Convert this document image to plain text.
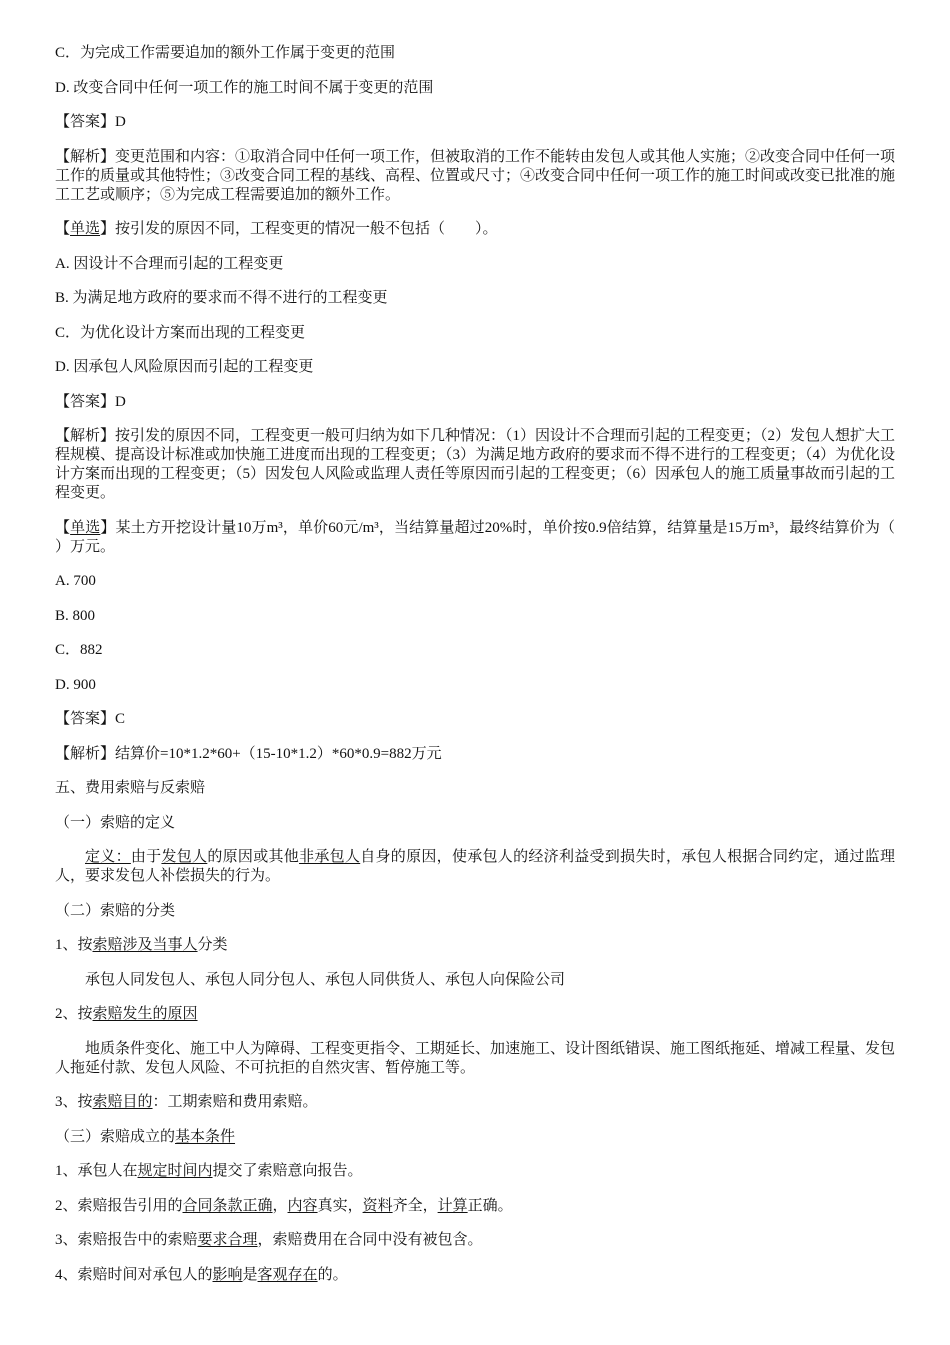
C．为完成工作需要追加的额外工作属于变更的范围

D. 改变合同中任何一项工作的施工时间不属于变更的范围

【答案】D

【解析】变更范围和内容：①取消合同中任何一项工作，但被取消的工作不能转由发包人或其他人实施；②改变合同中任何一项工作的质量或其他特性；③改变合同工程的基线、高程、位置或尺寸；④改变合同中任何一项工作的施工时间或改变已批准的施工工艺或顺序；⑤为完成工程需要追加的额外工作。

【单选】按引发的原因不同，工程变更的情况一般不包括（　　）。

A. 因设计不合理而引起的工程变更

B. 为满足地方政府的要求而不得不进行的工程变更

C．为优化设计方案而出现的工程变更

D. 因承包人风险原因而引起的工程变更

【答案】D

【解析】按引发的原因不同，工程变更一般可归纳为如下几种情况：（1）因设计不合理而引起的工程变更；（2）发包人想扩大工程规模、提高设计标准或加快施工进度而出现的工程变更；（3）为满足地方政府的要求而不得不进行的工程变更；（4）为优化设计方案而出现的工程变更；（5）因发包人风险或监理人责任等原因而引起的工程变更；（6）因承包人的施工质量事故而引起的工程变更。

【单选】某土方开挖设计量10万m³，单价60元/m³，当结算量超过20%时，单价按0.9倍结算，结算量是15万m³，最终结算价为（　　）万元。

A. 700

B. 800

C．882

D. 900

【答案】C

【解析】结算价=10*1.2*60+（15-10*1.2）*60*0.9=882万元

五、费用索赔与反索赔

（一）索赔的定义

定义：由于发包人的原因或其他非承包人自身的原因，使承包人的经济利益受到损失时，承包人根据合同约定，通过监理人，要求发包人补偿损失的行为。

（二）索赔的分类

1、按索赔涉及当事人分类

承包人同发包人、承包人同分包人、承包人同供货人、承包人向保险公司

2、按索赔发生的原因

地质条件变化、施工中人为障碍、工程变更指令、工期延长、加速施工、设计图纸错误、施工图纸拖延、增减工程量、发包人拖延付款、发包人风险、不可抗拒的自然灾害、暂停施工等。

3、按索赔目的：工期索赔和费用索赔。

（三）索赔成立的基本条件

1、承包人在规定时间内提交了索赔意向报告。

2、索赔报告引用的合同条款正确，内容真实，资料齐全，计算正确。

3、索赔报告中的索赔要求合理，索赔费用在合同中没有被包含。

4、索赔时间对承包人的影响是客观存在的。
